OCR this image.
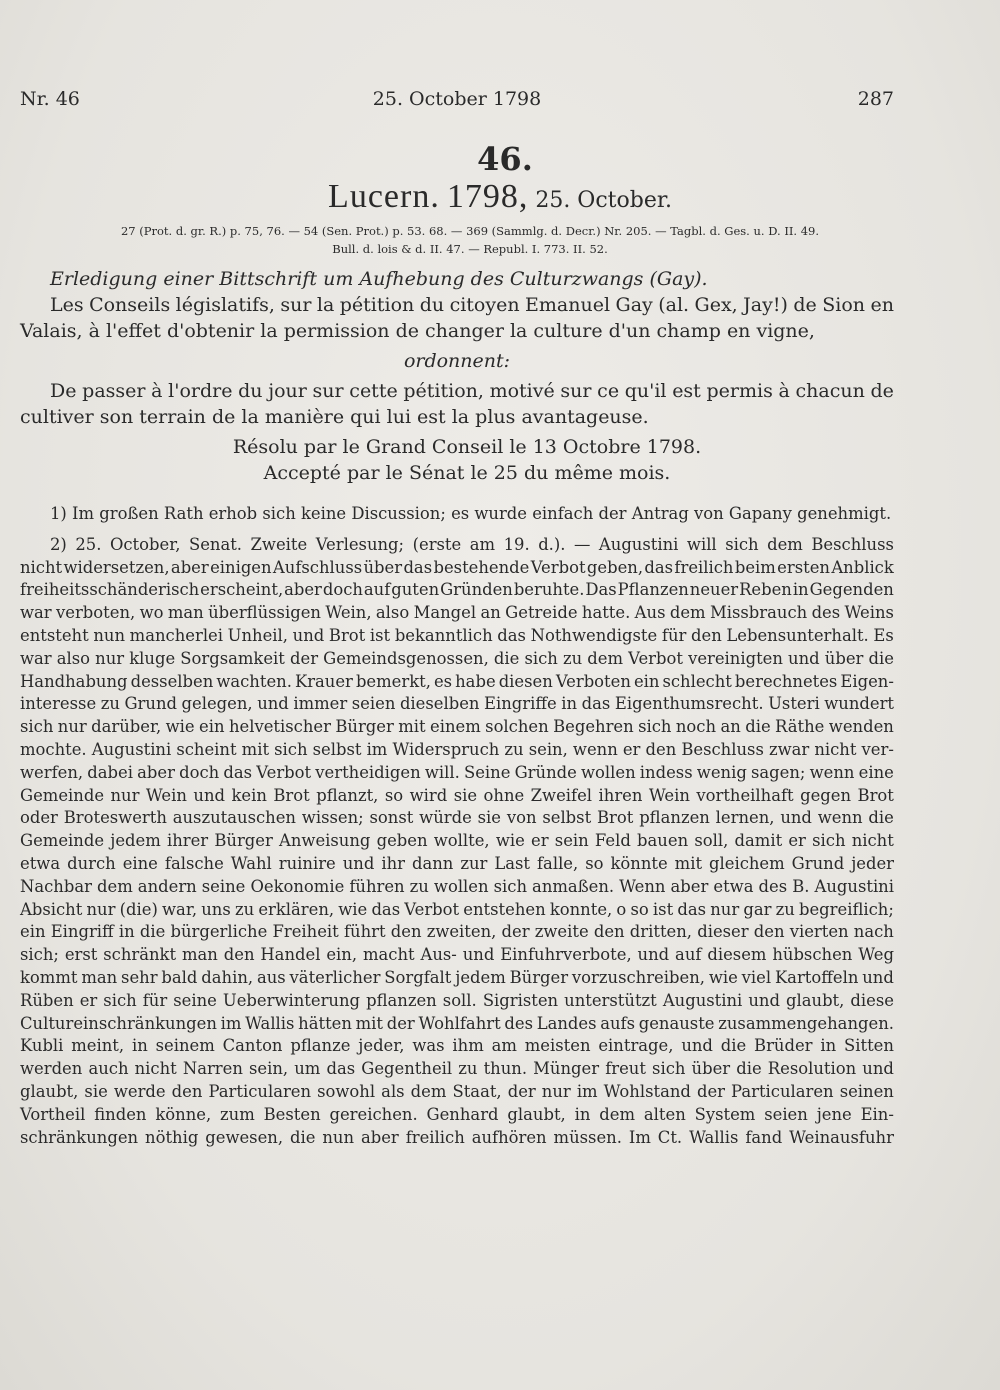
Nr. 46	25. October 1798	287
46.
Lucern. 1798, 25. October.
27 (Prot. d. gr. R.) p. 75, 76. — 54 (Sen. Prot.) p. 53. 68. — 369 (Sammlg. d. Decr.) Nr. 205. — Tagbl. d. Ges. u. D. II. 49.
Bull. d. lois & d. II. 47. — Republ. I. 773. II. 52.
Erledigung einer Bittschrift um Aufhebung des Culturzwangs (Gay).
Les Conseils législatifs, sur la pétition du citoyen Emanuel Gay (al. Gex, Jay!) de Sion en
Valais, à l'effet d'obtenir la permission de changer la culture d'un champ en vigne,
ordonnent:
De passer à l'ordre du jour sur cette pétition, motivé sur ce qu'il est permis à chacun de
cultiver son terrain de la manière qui lui est la plus avantageuse.
Résolu par le Grand Conseil le 13 Octobre 1798.
Accepté par le Sénat le 25 du même mois.
1) Im großen Rath erhob sich keine Discussion; es wurde einfach der Antrag von Gapany genehmigt.
2) 25. October, Senat. Zweite Verlesung; (erste am 19. d.). — Augustini will sich dem Beschluss
nicht widersetzen, aber einigen Aufschluss über das bestehende Verbot geben, das freilich beim ersten Anblick
freiheitsschänderisch erscheint, aber doch auf guten Gründen beruhte. Das Pflanzen neuer Reben in Gegenden
war verboten, wo man überflüssigen Wein, also Mangel an Getreide hatte. Aus dem Missbrauch des Weins
entsteht nun mancherlei Unheil, und Brot ist bekanntlich das Nothwendigste für den Lebensunterhalt. Es
war also nur kluge Sorgsamkeit der Gemeindsgenossen, die sich zu dem Verbot vereinigten und über die
Handhabung desselben wachten. Krauer bemerkt, es habe diesen Verboten ein schlecht berechnetes Eigen-
interesse zu Grund gelegen, und immer seien dieselben Eingriffe in das Eigenthumsrecht. Usteri wundert
sich nur darüber, wie ein helvetischer Bürger mit einem solchen Begehren sich noch an die Räthe wenden
mochte. Augustini scheint mit sich selbst im Widerspruch zu sein, wenn er den Beschluss zwar nicht ver-
werfen, dabei aber doch das Verbot vertheidigen will. Seine Gründe wollen indess wenig sagen; wenn eine
Gemeinde nur Wein und kein Brot pflanzt, so wird sie ohne Zweifel ihren Wein vortheilhaft gegen Brot
oder Broteswerth auszutauschen wissen; sonst würde sie von selbst Brot pflanzen lernen, und wenn die
Gemeinde jedem ihrer Bürger Anweisung geben wollte, wie er sein Feld bauen soll, damit er sich nicht
etwa durch eine falsche Wahl ruinire und ihr dann zur Last falle, so könnte mit gleichem Grund jeder
Nachbar dem andern seine Oekonomie führen zu wollen sich anmaßen. Wenn aber etwa des B. Augustini
Absicht nur (die) war, uns zu erklären, wie das Verbot entstehen konnte, o so ist das nur gar zu begreiflich;
ein Eingriff in die bürgerliche Freiheit führt den zweiten, der zweite den dritten, dieser den vierten nach
sich; erst schränkt man den Handel ein, macht Aus- und Einfuhrverbote, und auf diesem hübschen Weg
kommt man sehr bald dahin, aus väterlicher Sorgfalt jedem Bürger vorzuschreiben, wie viel Kartoffeln und
Rüben er sich für seine Ueberwinterung pflanzen soll. Sigristen unterstützt Augustini und glaubt, diese
Cultureinschränkungen im Wallis hätten mit der Wohlfahrt des Landes aufs genauste zusammengehangen.
Kubli meint, in seinem Canton pflanze jeder, was ihm am meisten eintrage, und die Brüder in Sitten
werden auch nicht Narren sein, um das Gegentheil zu thun. Münger freut sich über die Resolution und
glaubt, sie werde den Particularen sowohl als dem Staat, der nur im Wohlstand der Particularen seinen
Vortheil finden könne, zum Besten gereichen. Genhard glaubt, in dem alten System seien jene Ein-
schränkungen nöthig gewesen, die nun aber freilich aufhören müssen. Im Ct. Wallis fand Weinausfuhr
